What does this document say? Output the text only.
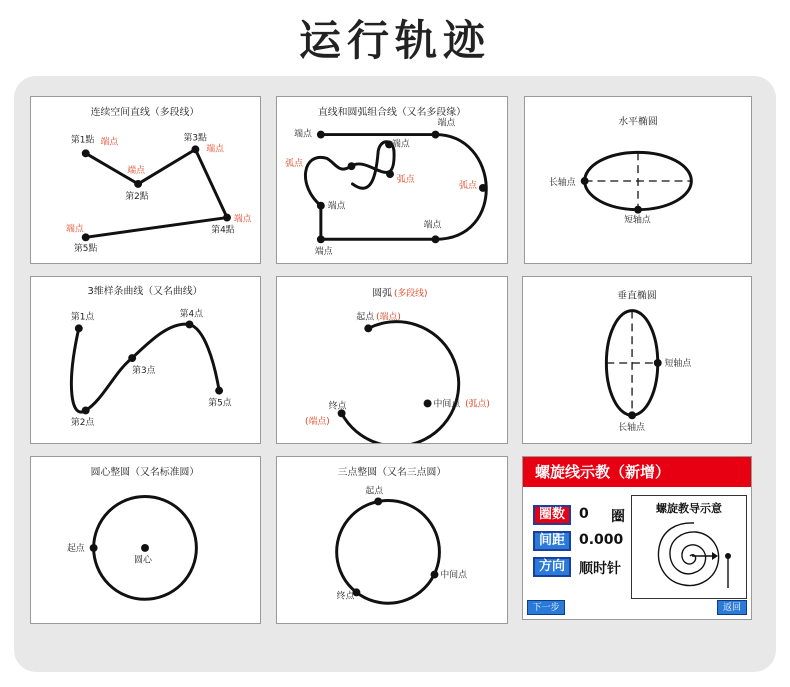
运行轨迹
连续空间直线（多段线）
第1點 端点
端点
第2點
第3點
端点
端点
第4點
端点
第5點
直线和圆弧组合线（又名多段缘）
端点
端点
端点
弧点
弧点
弧点
端点
端点
端点
水平椭圆
长轴点
短轴点
3维样条曲线（又名曲线）
第1点	第4点
第3点
第2点
第5点
圆弧 (多段线)
起点 (端点)
终点
(端点)
中间点 (弧点)
垂直椭圆
短轴点
长轴点
圆心整圆（又名标准圆）
起点
圆心
三点整圆（又名三点圆）
起点
中间点
终点
螺旋线示教（新增）
圈数	0 圈
间距	0.000
方向	顺时针
螺旋教导示意
下一步	返回
